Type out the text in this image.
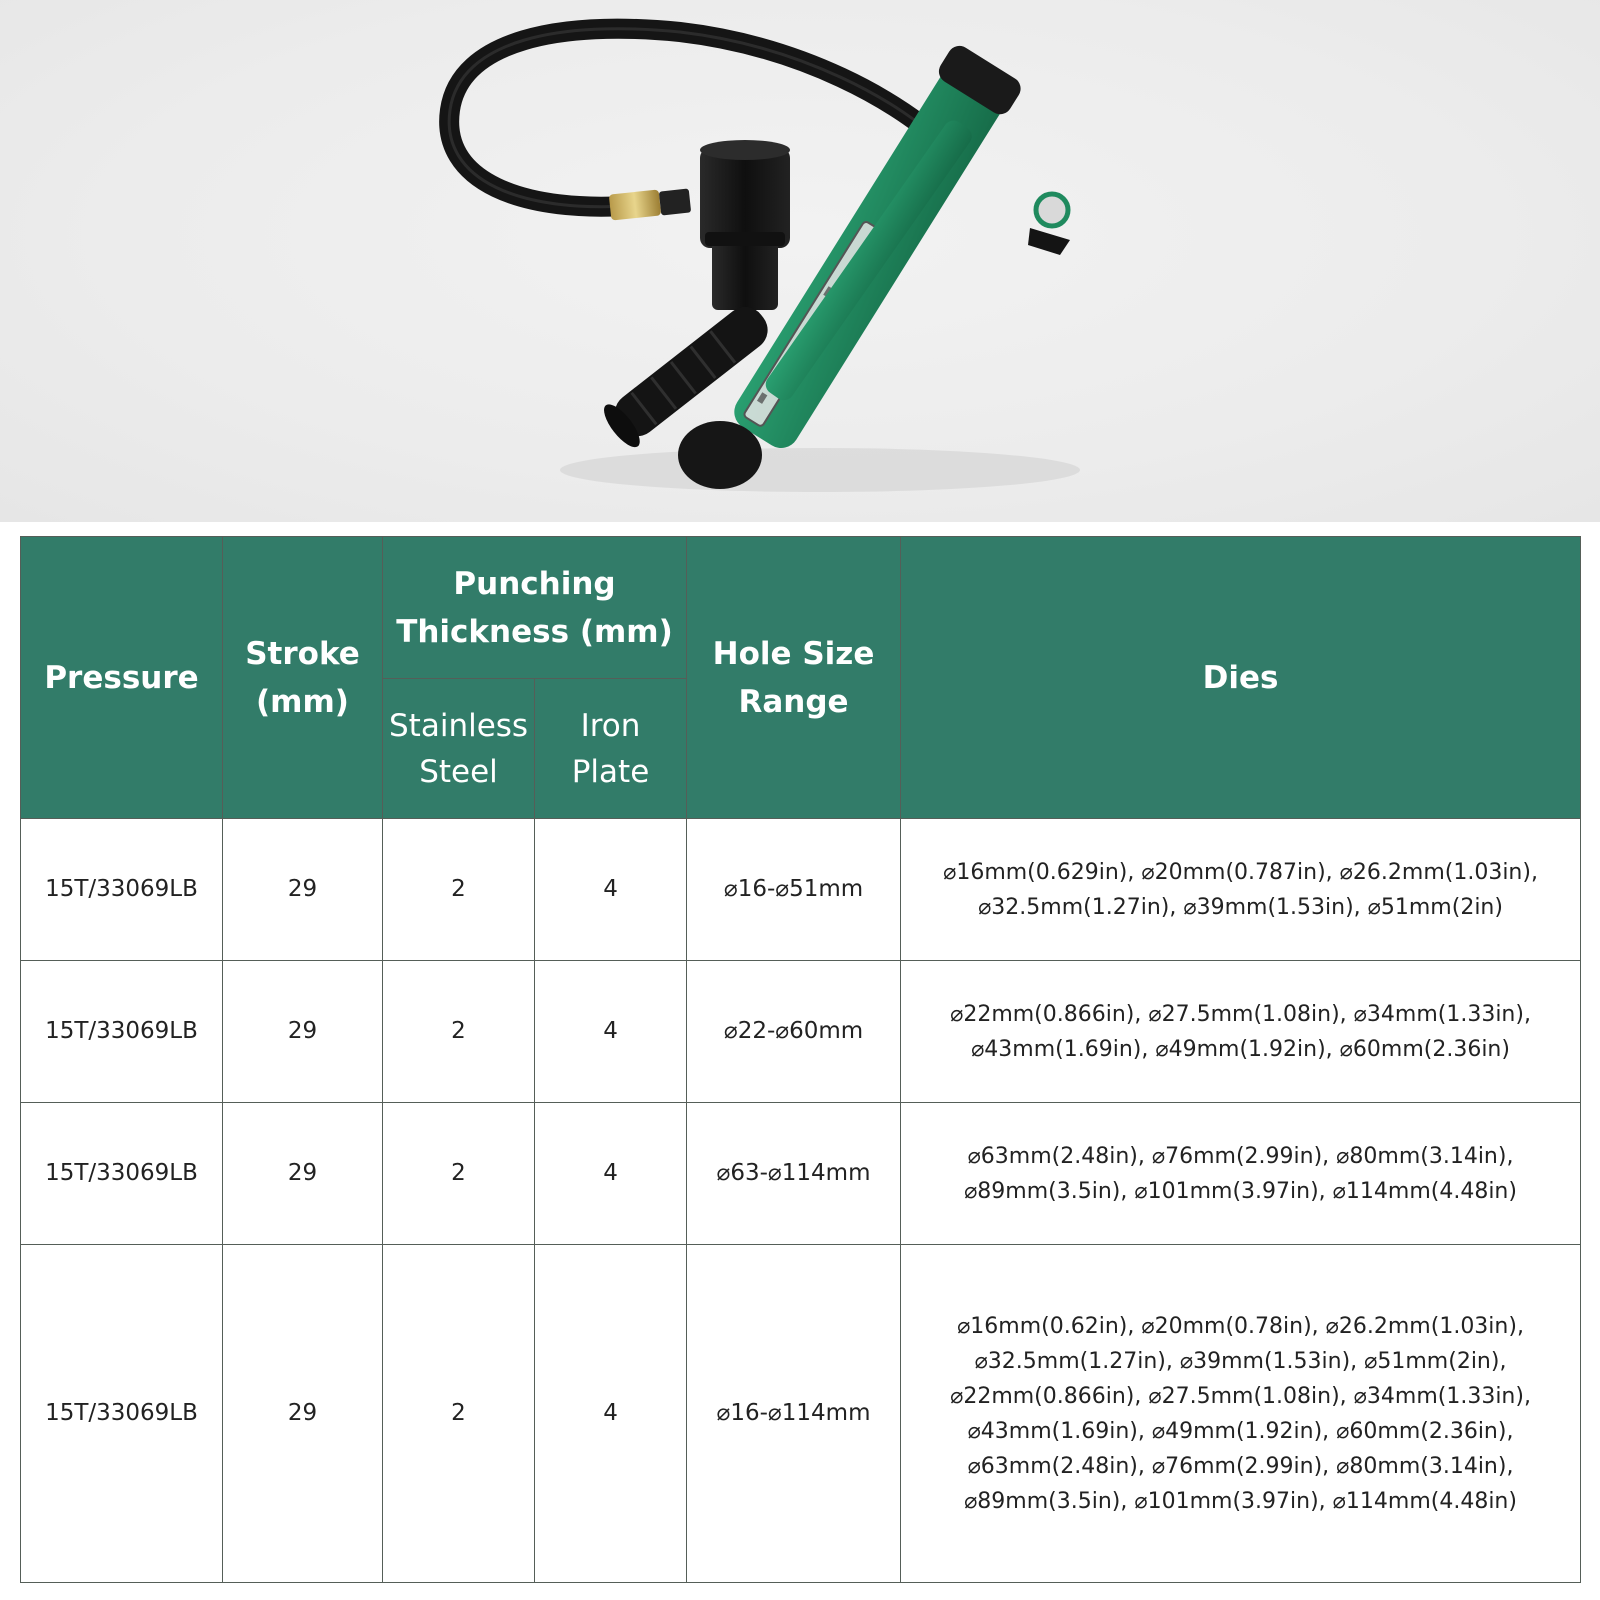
Pressure	Stroke (mm)	Punching Thickness (mm)		Hole Size Range	Dies
		Stainless Steel	Iron Plate		
15T/33069LB	29	2	4	⌀16-⌀51mm	⌀16mm(0.629in), ⌀20mm(0.787in), ⌀26.2mm(1.03in), ⌀32.5mm(1.27in), ⌀39mm(1.53in), ⌀51mm(2in)
15T/33069LB	29	2	4	⌀22-⌀60mm	⌀22mm(0.866in), ⌀27.5mm(1.08in), ⌀34mm(1.33in), ⌀43mm(1.69in), ⌀49mm(1.92in), ⌀60mm(2.36in)
15T/33069LB	29	2	4	⌀63-⌀114mm	⌀63mm(2.48in), ⌀76mm(2.99in), ⌀80mm(3.14in), ⌀89mm(3.5in), ⌀101mm(3.97in), ⌀114mm(4.48in)
15T/33069LB	29	2	4	⌀16-⌀114mm	⌀16mm(0.62in), ⌀20mm(0.78in), ⌀26.2mm(1.03in), ⌀32.5mm(1.27in), ⌀39mm(1.53in), ⌀51mm(2in), ⌀22mm(0.866in), ⌀27.5mm(1.08in), ⌀34mm(1.33in), ⌀43mm(1.69in), ⌀49mm(1.92in), ⌀60mm(2.36in), ⌀63mm(2.48in), ⌀76mm(2.99in), ⌀80mm(3.14in), ⌀89mm(3.5in), ⌀101mm(3.97in), ⌀114mm(4.48in)
